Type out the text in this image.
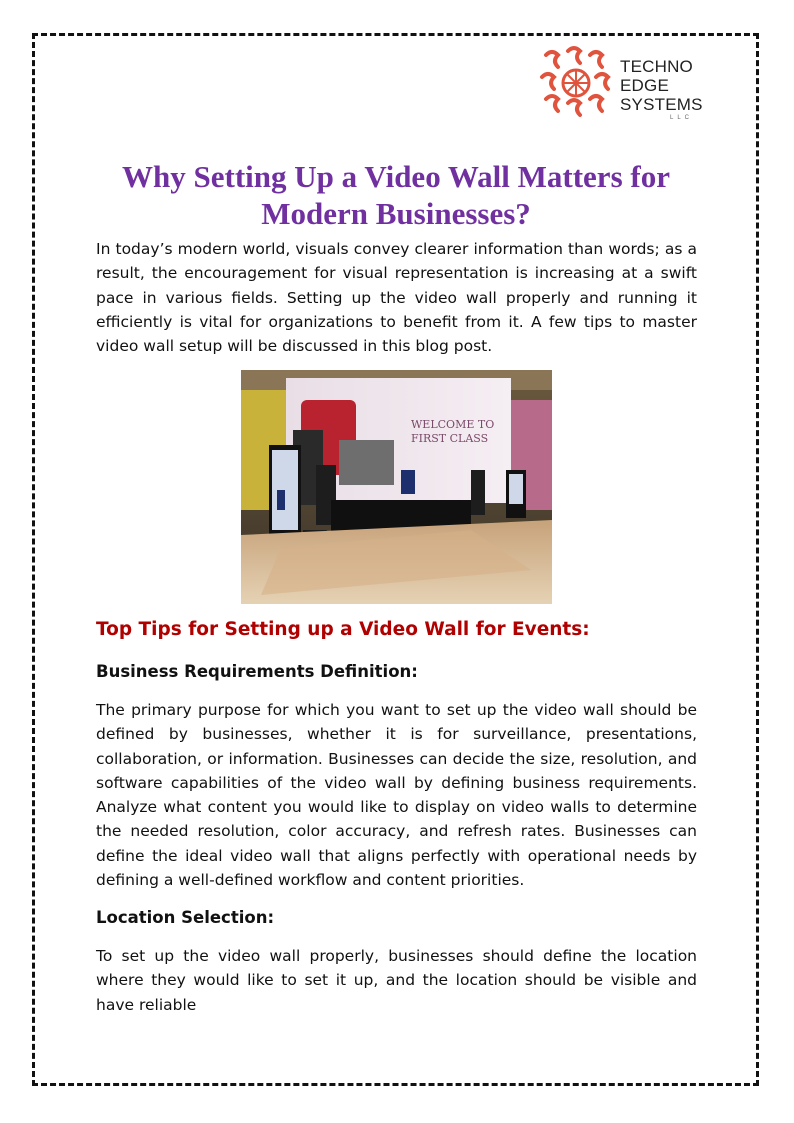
TECHNO
EDGE
SYSTEMS
LLC
Why Setting Up a Video Wall Matters for Modern Businesses?

In today’s modern world, visuals convey clearer information than words; as a result, the encouragement for visual representation is increasing at a swift pace in various fields. Setting up the video wall properly and running it efficiently is vital for organizations to benefit from it. A few tips to master video wall setup will be discussed in this blog post.

WELCOME TO
FIRST CLASS
Top Tips for Setting up a Video Wall for Events:
Business Requirements Definition:

The primary purpose for which you want to set up the video wall should be defined by businesses, whether it is for surveillance, presentations, collaboration, or information. Businesses can decide the size, resolution, and software capabilities of the video wall by defining business requirements. Analyze what content you would like to display on video walls to determine the needed resolution, color accuracy, and refresh rates. Businesses can define the ideal video wall that aligns perfectly with operational needs by defining a well-defined workflow and content priorities.

Location Selection:

To set up the video wall properly, businesses should define the location where they would like to set it up, and the location should be visible and have reliable
